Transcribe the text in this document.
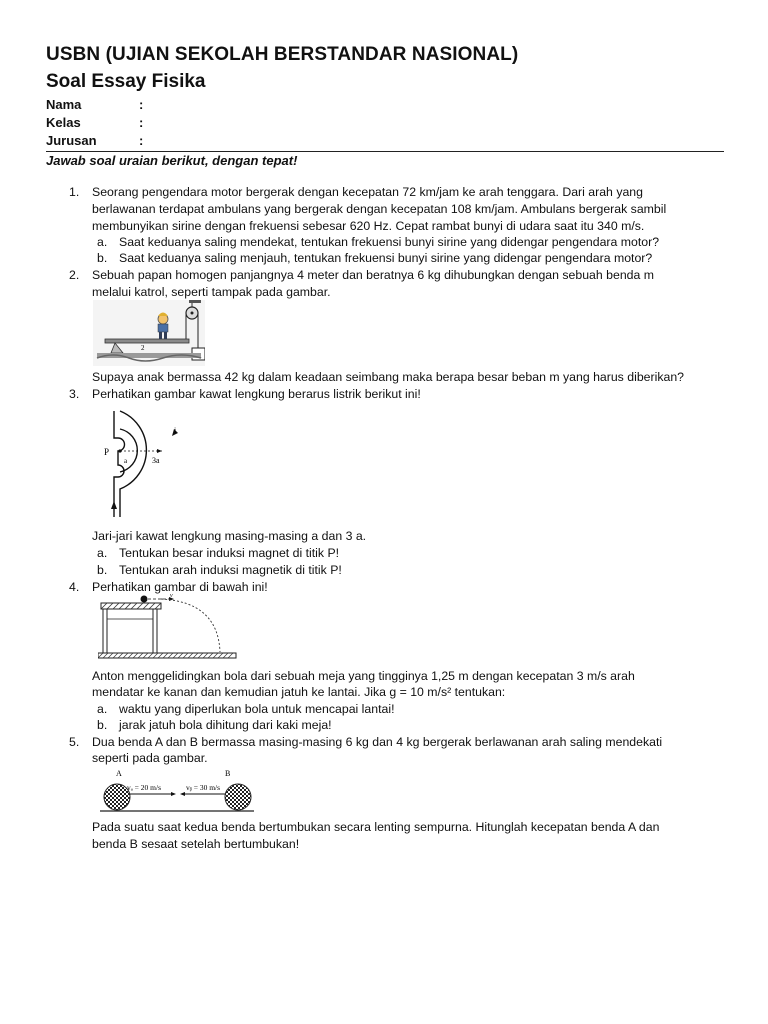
USBN (UJIAN SEKOLAH BERSTANDAR NASIONAL)
Soal Essay Fisika
Nama	:
Kelas	:
Jurusan	:
Jawab soal uraian berikut, dengan tepat!
1. Seorang pengendara motor bergerak dengan kecepatan 72 km/jam ke arah tenggara. Dari arah yang
berlawanan terdapat ambulans yang bergerak dengan kecepatan 108 km/jam. Ambulans bergerak sambil
membunyikan sirine dengan frekuensi sebesar 620 Hz. Cepat rambat bunyi di udara saat itu 340 m/s.
a. Saat keduanya saling mendekat, tentukan frekuensi bunyi sirine yang didengar pengendara motor?
b. Saat keduanya saling menjauh, tentukan frekuensi bunyi sirine yang didengar pengendara motor?
2. Sebuah papan homogen panjangnya 4 meter dan beratnya 6 kg dihubungkan dengan sebuah benda m
melalui katrol, seperti tampak pada gambar.
2
Supaya anak bermassa 42 kg dalam keadaan seimbang maka berapa besar beban m yang harus diberikan?
3. Perhatikan gambar kawat lengkung berarus listrik berikut ini!
i
P
a	3a
Jari-jari kawat lengkung masing-masing a dan 3 a.
a. Tentukan besar induksi magnet di titik P!
b. Tentukan arah induksi magnetik di titik P!
4. Perhatikan gambar di bawah ini!
v
Anton menggelidingkan bola dari sebuah meja yang tingginya 1,25 m dengan kecepatan 3 m/s arah
mendatar ke kanan dan kemudian jatuh ke lantai. Jika g = 10 m/s² tentukan:
a. waktu yang diperlukan bola untuk mencapai lantai!
b. jarak jatuh bola dihitung dari kaki meja!
5. Dua benda A dan B bermassa masing-masing 6 kg dan 4 kg bergerak berlawanan arah saling mendekati
seperti pada gambar.
A	B
vₐ = 20 m/s	vᵦ = 30 m/s
Pada suatu saat kedua benda bertumbukan secara lenting sempurna. Hitunglah kecepatan benda A dan
benda B sesaat setelah bertumbukan!
